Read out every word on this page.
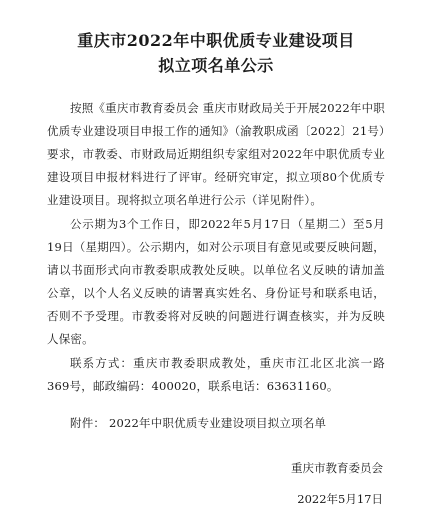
重庆市2022年中职优质专业建设项目
拟立项名单公示

按照《重庆市教育委员会 重庆市财政局关于开展2022年中职优质专业建设项目申报工作的通知》（渝教职成函〔2022〕21号）要求，市教委、市财政局近期组织专家组对2022年中职优质专业建设项目申报材料进行了评审。经研究审定，拟立项80个优质专业建设项目。现将拟立项名单进行公示（详见附件）。

公示期为3个工作日，即2022年5月17日（星期二）至5月19日（星期四）。公示期内，如对公示项目有意见或要反映问题，请以书面形式向市教委职成教处反映。以单位名义反映的请加盖公章，以个人名义反映的请署真实姓名、身份证号和联系电话，否则不予受理。市教委将对反映的问题进行调查核实，并为反映人保密。

联系方式：重庆市教委职成教处，重庆市江北区北滨一路369号，邮政编码：400020，联系电话：63631160。

附件： 2022年中职优质专业建设项目拟立项名单

重庆市教育委员会

2022年5月17日
